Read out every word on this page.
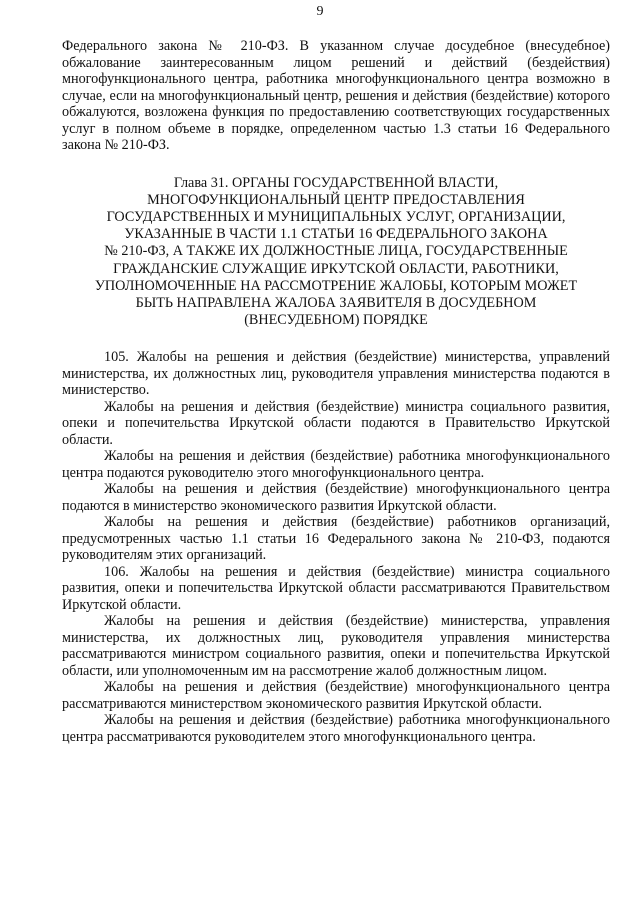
9

Федерального закона № 210-ФЗ. В указанном случае досудебное (внесудебное) обжалование заинтересованным лицом решений и действий (бездействия) многофункционального центра, работника многофункционального центра возможно в случае, если на многофункциональный центр, решения и действия (бездействие) которого обжалуются, возложена функция по предоставлению соответствующих государственных услуг в полном объеме в порядке, определенном частью 1.3 статьи 16 Федерального закона № 210-ФЗ.

Глава 31. ОРГАНЫ ГОСУДАРСТВЕННОЙ ВЛАСТИ,
МНОГОФУНКЦИОНАЛЬНЫЙ ЦЕНТР ПРЕДОСТАВЛЕНИЯ
ГОСУДАРСТВЕННЫХ И МУНИЦИПАЛЬНЫХ УСЛУГ, ОРГАНИЗАЦИИ,
УКАЗАННЫЕ В ЧАСТИ 1.1 СТАТЬИ 16 ФЕДЕРАЛЬНОГО ЗАКОНА
№ 210-ФЗ, А ТАКЖЕ ИХ ДОЛЖНОСТНЫЕ ЛИЦА, ГОСУДАРСТВЕННЫЕ
ГРАЖДАНСКИЕ СЛУЖАЩИЕ ИРКУТСКОЙ ОБЛАСТИ, РАБОТНИКИ,
УПОЛНОМОЧЕННЫЕ НА РАССМОТРЕНИЕ ЖАЛОБЫ, КОТОРЫМ МОЖЕТ
БЫТЬ НАПРАВЛЕНА ЖАЛОБА ЗАЯВИТЕЛЯ В ДОСУДЕБНОМ
(ВНЕСУДЕБНОМ) ПОРЯДКЕ

105. Жалобы на решения и действия (бездействие) министерства, управлений министерства, их должностных лиц, руководителя управления министерства подаются в министерство.

Жалобы на решения и действия (бездействие) министра социального развития, опеки и попечительства Иркутской области подаются в Правительство Иркутской области.

Жалобы на решения и действия (бездействие) работника многофункционального центра подаются руководителю этого многофункционального центра.

Жалобы на решения и действия (бездействие) многофункционального центра подаются в министерство экономического развития Иркутской области.

Жалобы на решения и действия (бездействие) работников организаций, предусмотренных частью 1.1 статьи 16 Федерального закона № 210-ФЗ, подаются руководителям этих организаций.

106. Жалобы на решения и действия (бездействие) министра социального развития, опеки и попечительства Иркутской области рассматриваются Правительством Иркутской области.

Жалобы на решения и действия (бездействие) министерства, управления министерства, их должностных лиц, руководителя управления министерства рассматриваются министром социального развития, опеки и попечительства Иркутской области, или уполномоченным им на рассмотрение жалоб должностным лицом.

Жалобы на решения и действия (бездействие) многофункционального центра рассматриваются министерством экономического развития Иркутской области.

Жалобы на решения и действия (бездействие) работника многофункционального центра рассматриваются руководителем этого многофункционального центра.
